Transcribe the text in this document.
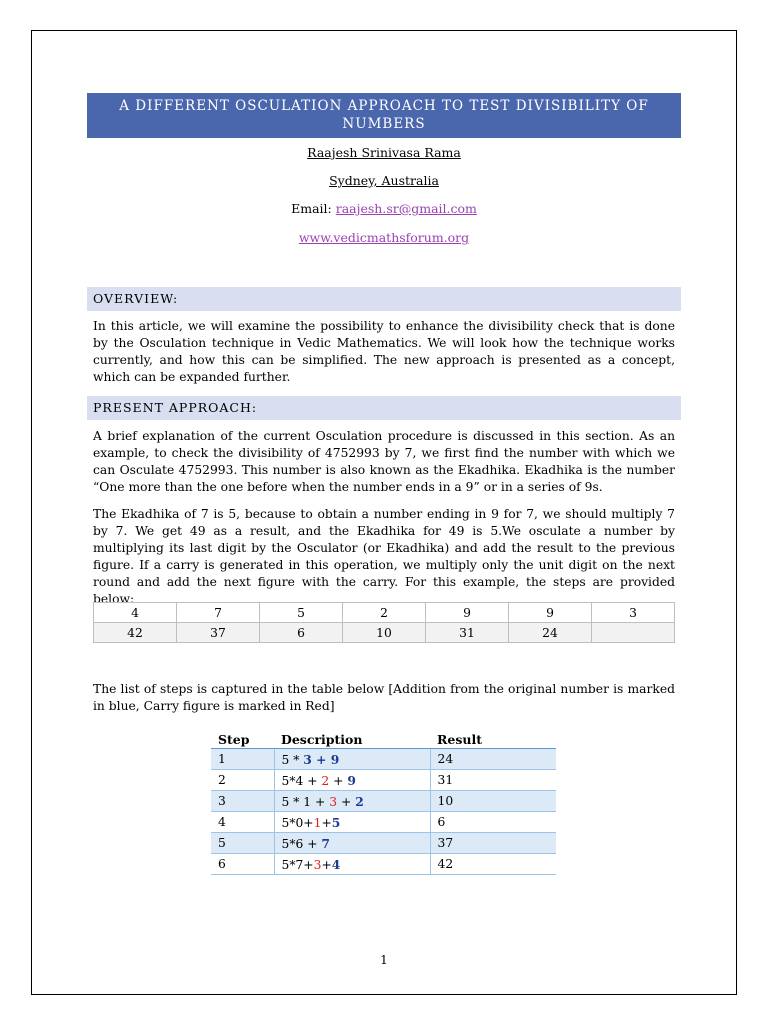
A DIFFERENT OSCULATION APPROACH TO TEST DIVISIBILITY OF NUMBERS
Raajesh Srinivasa Rama
Sydney, Australia
Email: raajesh.sr@gmail.com
www.vedicmathsforum.org
OVERVIEW:

In this article, we will examine the possibility to enhance the divisibility check that is done by the Osculation technique in Vedic Mathematics. We will look how the technique works currently, and how this can be simplified. The new approach is presented as a concept, which can be expanded further.

PRESENT APPROACH:

A brief explanation of the current Osculation procedure is discussed in this section. As an example, to check the divisibility of 4752993 by 7, we first find the number with which we can Osculate 4752993. This number is also known as the Ekadhika. Ekadhika is the number “One more than the one before when the number ends in a 9” or in a series of 9s.

The Ekadhika of 7 is 5, because to obtain a number ending in 9 for 7, we should multiply 7 by 7. We get 49 as a result, and the Ekadhika for 49 is 5.We osculate a number by multiplying its last digit by the Osculator (or Ekadhika) and add the result to the previous figure. If a carry is generated in this operation, we multiply only the unit digit on the next round and add the next figure with the carry. For this example, the steps are provided below:

4	7	5	2	9	9	3
42	37	6	10	31	24	

The list of steps is captured in the table below [Addition from the original number is marked in blue, Carry figure is marked in Red]

Step	Description	Result
1	5 * 3 + 9	24
2	5*4 + 2 + 9	31
3	5 * 1 + 3 + 2	10
4	5*0+1+5	6
5	5*6 + 7	37
6	5*7+3+4	42
1
